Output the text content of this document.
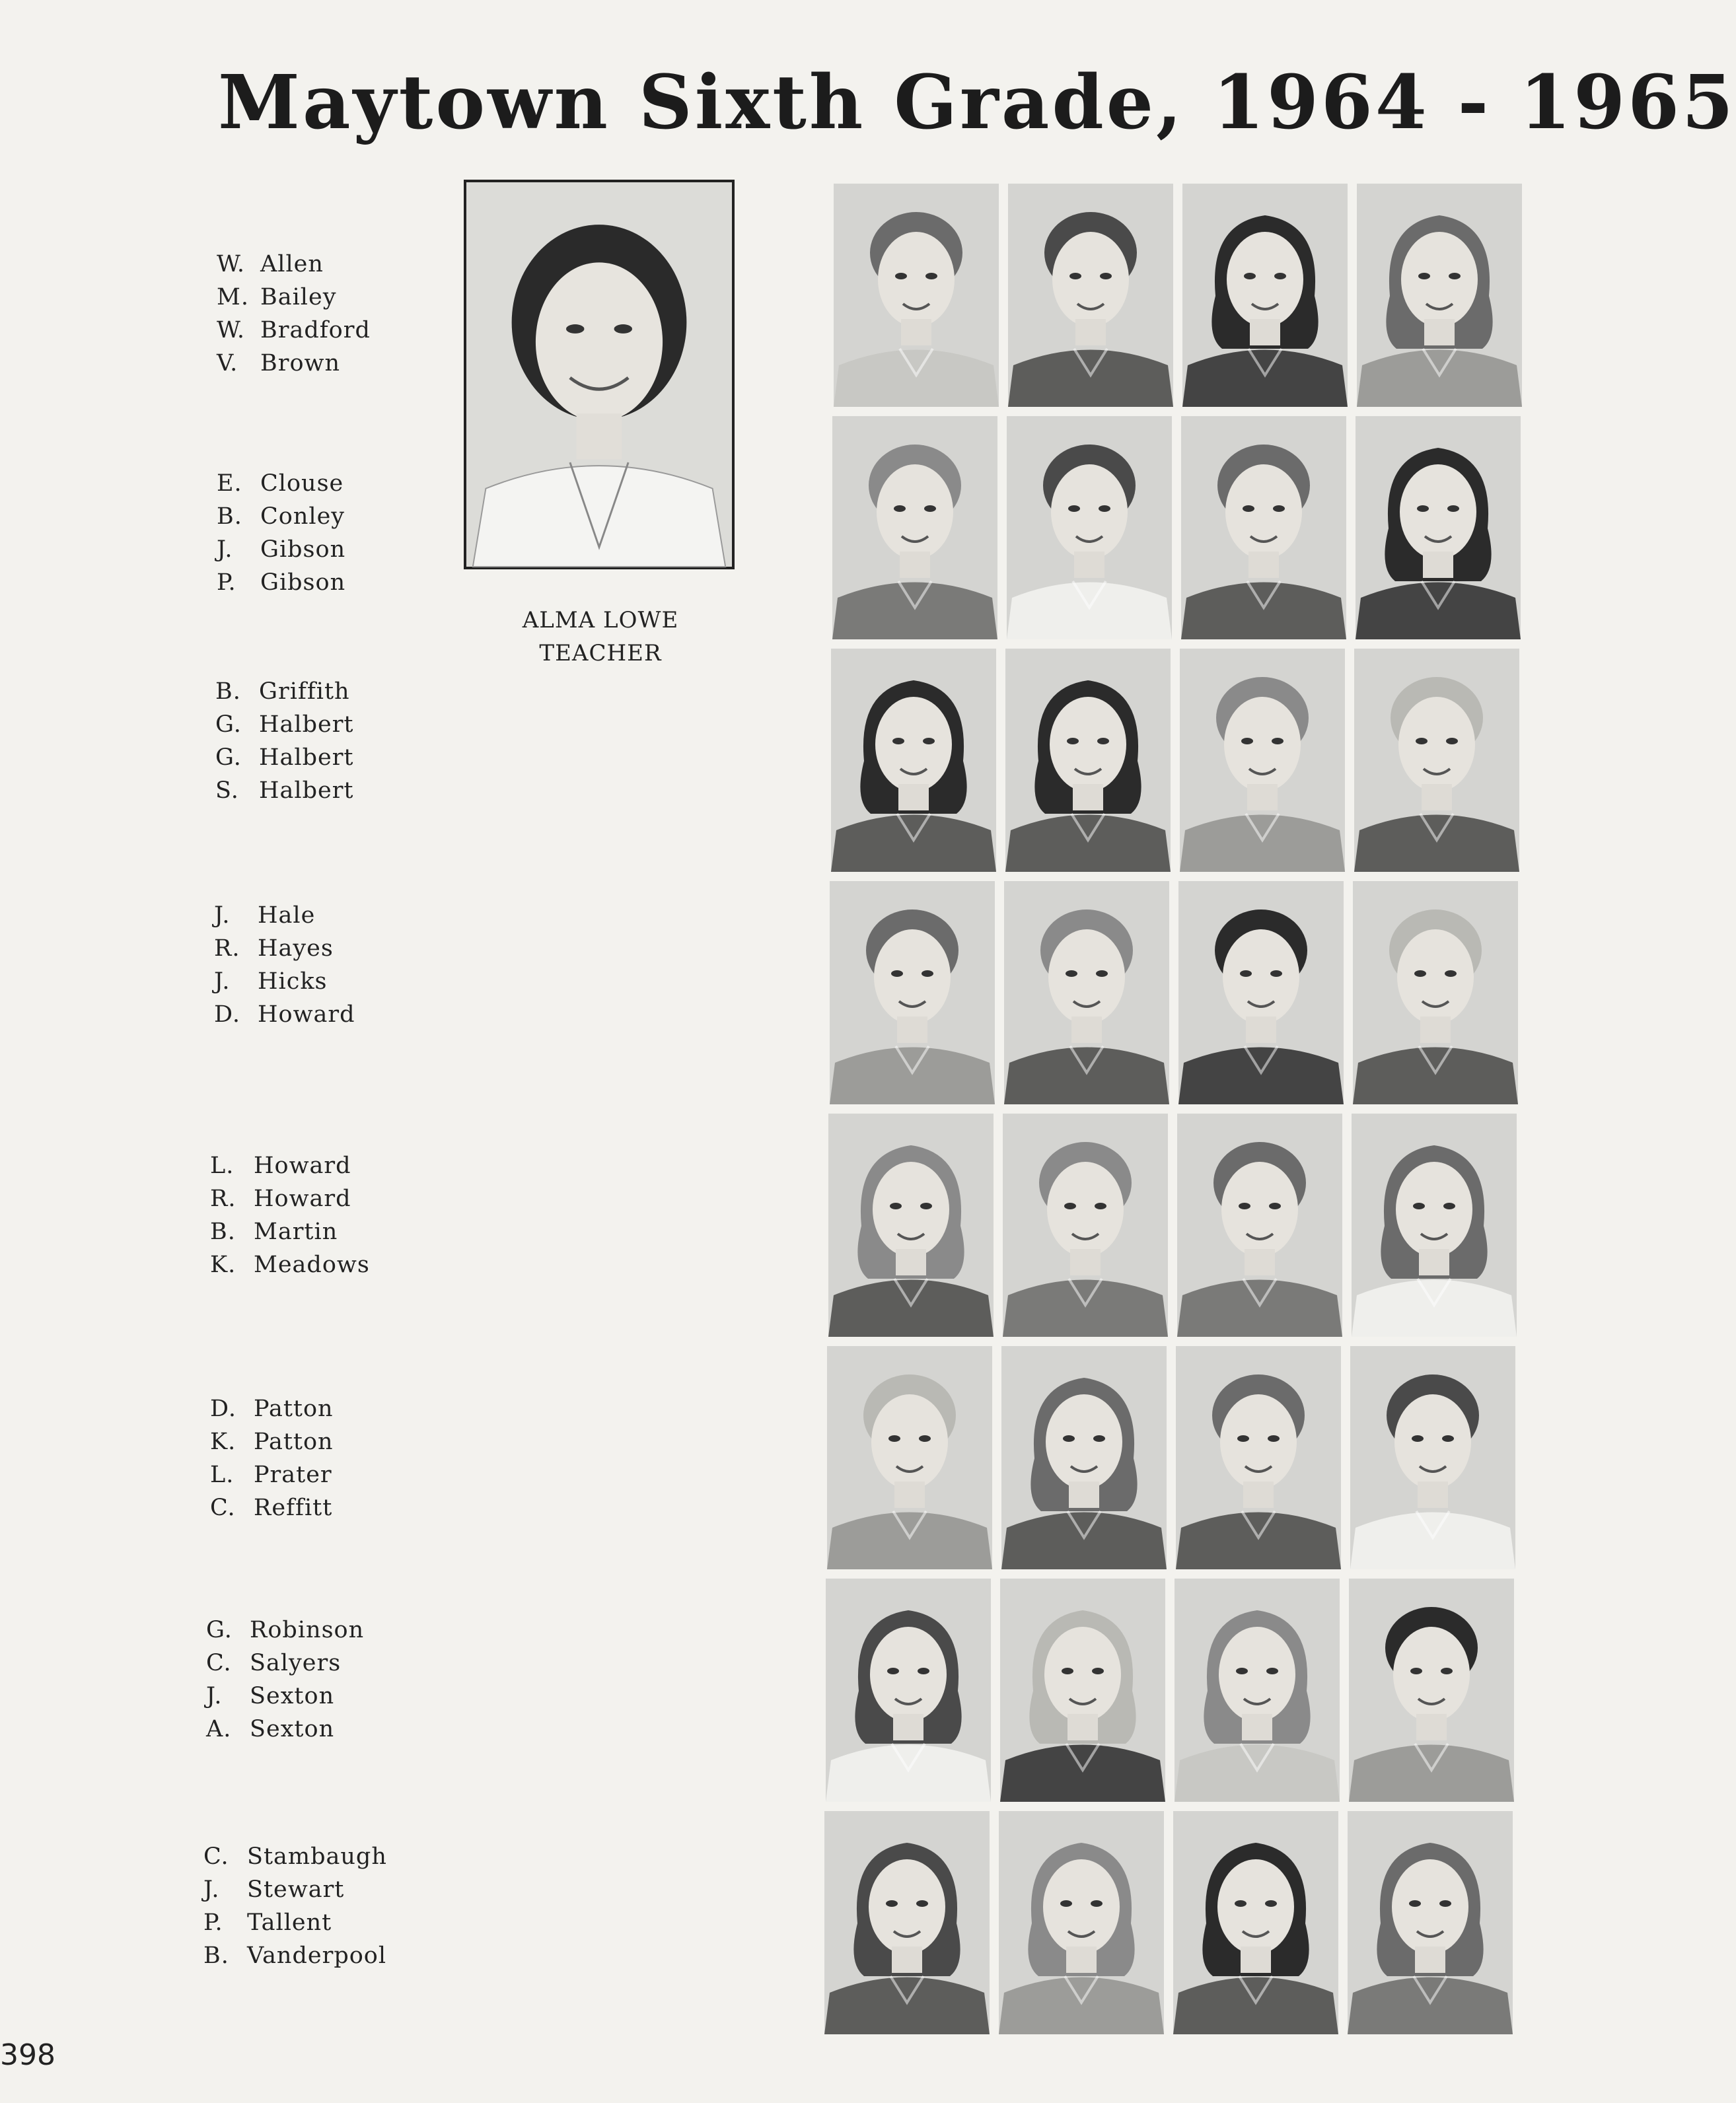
Maytown Sixth Grade, 1964 - 1965
ALMA LOWE
TEACHER
W. Allen
M. Bailey
W. Bradford
V. Brown
E. Clouse
B. Conley
J.	Gibson
P.	Gibson
B. Griffith
G. Halbert
G. Halbert
S. Halbert
J.	Hale
R. Hayes
J.	Hicks
D. Howard
L. Howard
R. Howard
B. Martin
K. Meadows
D. Patton
K. Patton
L. Prater
C. Reffitt
G. Robinson
C. Salyers
J.	Sexton
A. Sexton
C. Stambaugh
J.	Stewart
P.	Tallent
B. Vanderpool
398
